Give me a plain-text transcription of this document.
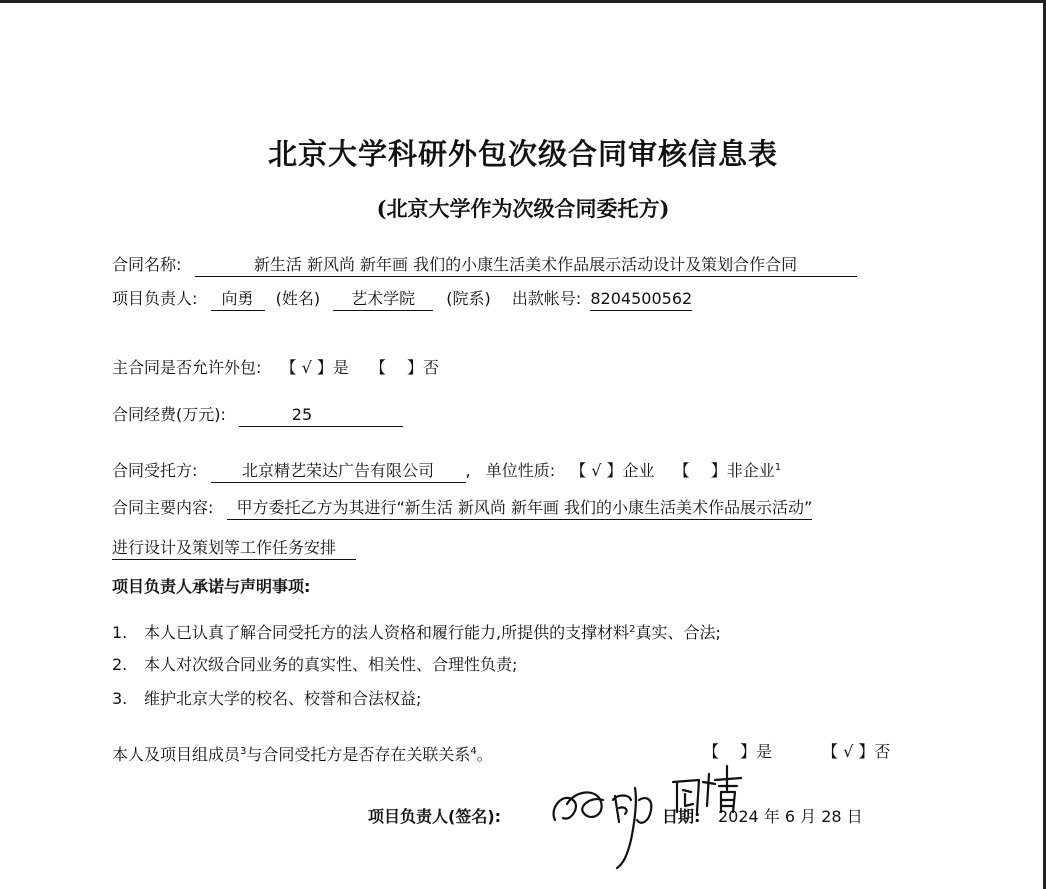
北京大学科研外包次级合同审核信息表
(北京大学作为次级合同委托方)
合同名称:	新生活 新风尚 新年画 我们的小康生活美术作品展示活动设计及策划合作合同
项目负责人: 向勇 (姓名) 艺术学院 (院系) 出款帐号: 8204500562
主合同是否允许外包: 【 √ 】是 【　 】否
合同经费(万元):	25
合同受托方:	北京精艺荣达广告有限公司 , 单位性质: 【 √ 】企业 【　 】非企业$^1$
合同主要内容: 甲方委托乙方为其进行“新生活 新风尚 新年画 我们的小康生活美术作品展示活动”
进行设计及策划等工作任务安排
项目负责人承诺与声明事项:
1. 本人已认真了解合同受托方的法人资格和履行能力,所提供的支撑材料$^2$真实、合法;
2. 本人对次级合同业务的真实性、相关性、合理性负责;
3. 维护北京大学的校名、校誉和合法权益;
本人及项目组成员$^3$与合同受托方是否存在关联关系$^4$。	【　 】是	【 √ 】否
项目负责人(签名):	日期: 2024 年 6 月 28 日
